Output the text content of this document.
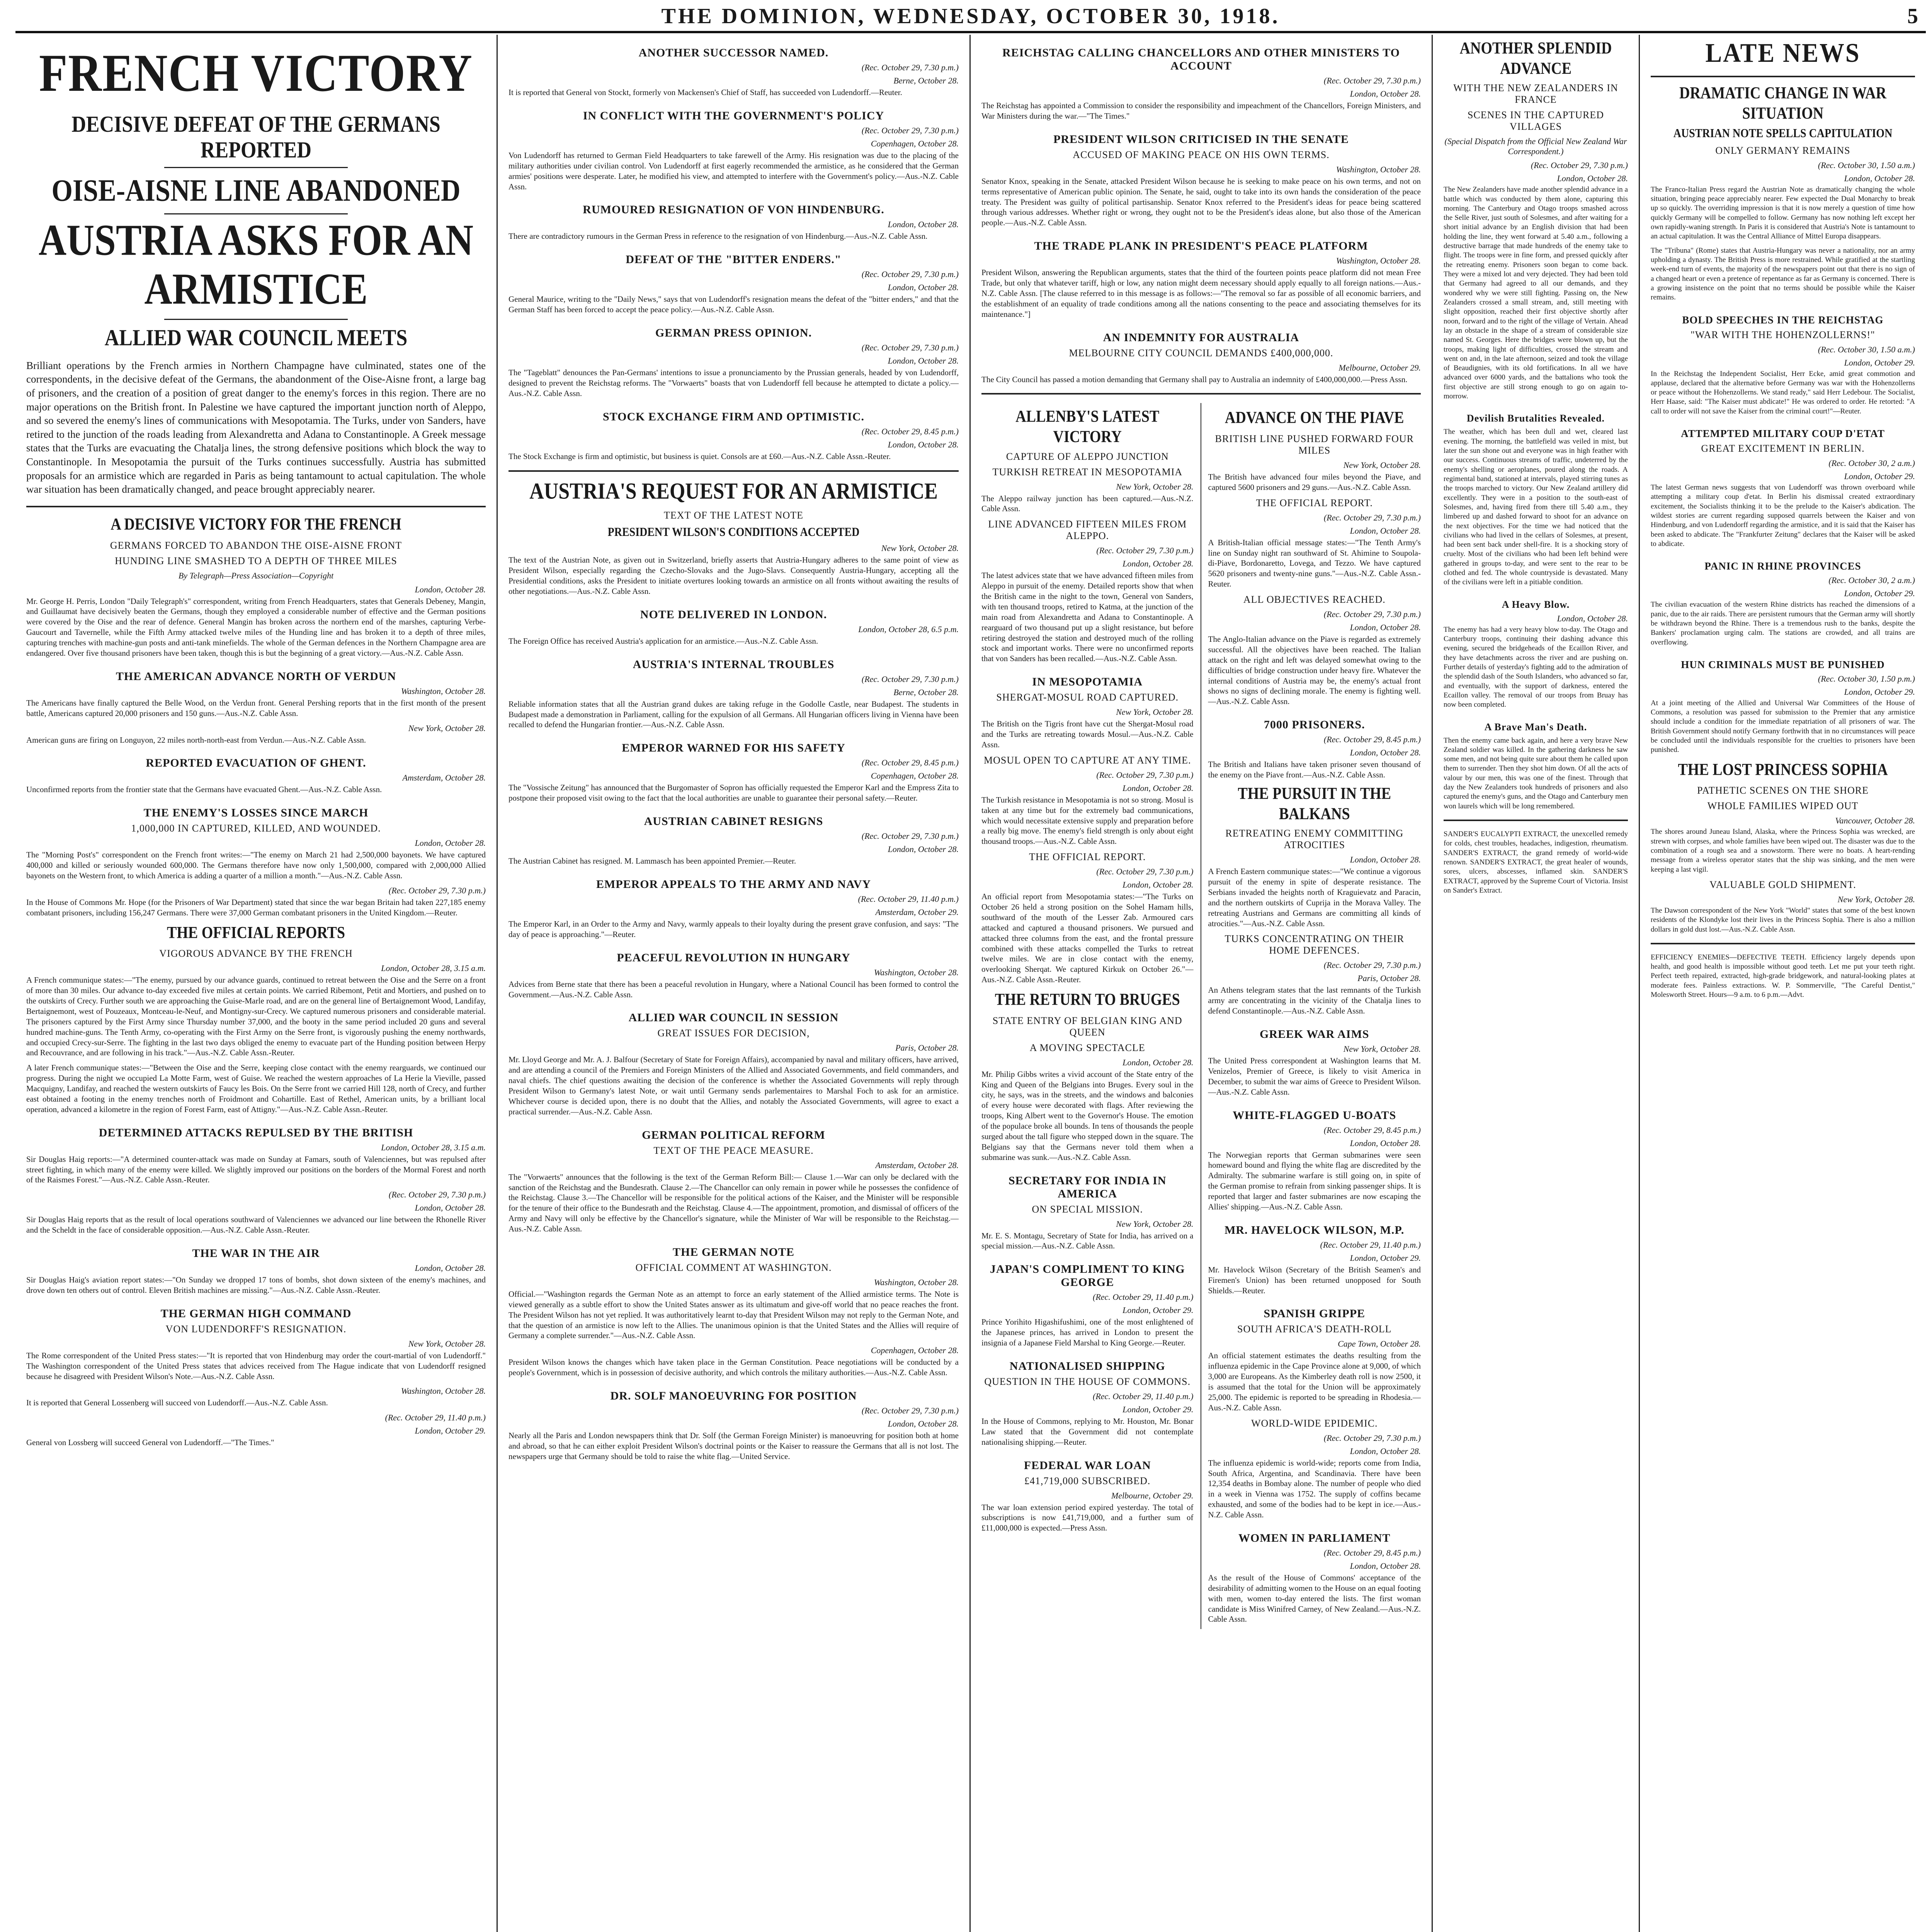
THE DOMINION, WEDNESDAY, OCTOBER 30, 1918.	5
FRENCH VICTORY
DECISIVE DEFEAT OF THE GERMANS REPORTED
OISE-AISNE LINE ABANDONED
AUSTRIA ASKS FOR AN ARMISTICE
ALLIED WAR COUNCIL MEETS
Brilliant operations by the French armies in Northern Champagne have culminated, states one of the correspondents, in the decisive defeat of the Germans, the abandonment of the Oise-Aisne front, a large bag of prisoners, and the creation of a position of great danger to the enemy's forces in this region. There are no major operations on the British front. In Palestine we have captured the important junction north of Aleppo, and so severed the enemy's lines of communications with Mesopotamia. The Turks, under von Sanders, have retired to the junction of the roads leading from Alexandretta and Adana to Constantinople. A Greek message states that the Turks are evacuating the Chatalja lines, the strong defensive positions which block the way to Constantinople. In Mesopotamia the pursuit of the Turks continues successfully. Austria has submitted proposals for an armistice which are regarded in Paris as being tantamount to actual capitulation. The whole war situation has been dramatically changed, and peace brought appreciably nearer.
A DECISIVE VICTORY FOR THE FRENCH
GERMANS FORCED TO ABANDON THE OISE-AISNE FRONT
HUNDING LINE SMASHED TO A DEPTH OF THREE MILES
By Telegraph—Press Association—Copyright
London, October 28.
Mr. George H. Perris, London "Daily Telegraph's" correspondent, writing from French Headquarters, states that Generals Debeney, Mangin, and Guillaumat have decisively beaten the Germans, though they employed a considerable number of effective and the German positions were covered by the Oise and the rear of defence. General Mangin has broken across the northern end of the marshes, capturing Verbe-Gaucourt and Tavernelle, while the Fifth Army attacked twelve miles of the Hunding line and has broken it to a depth of three miles, capturing trenches with machine-gun posts and anti-tank minefields. The whole of the German defences in the Northern Champagne area are endangered. Over five thousand prisoners have been taken, though this is but the beginning of a great victory.—Aus.-N.Z. Cable Assn.
THE AMERICAN ADVANCE NORTH OF VERDUN
Washington, October 28.
The Americans have finally captured the Belle Wood, on the Verdun front. General Pershing reports that in the first month of the present battle, Americans captured 20,000 prisoners and 150 guns.—Aus.-N.Z. Cable Assn.
New York, October 28.
American guns are firing on Longuyon, 22 miles north-north-east from Verdun.—Aus.-N.Z. Cable Assn.
REPORTED EVACUATION OF GHENT.
Amsterdam, October 28.
Unconfirmed reports from the frontier state that the Germans have evacuated Ghent.—Aus.-N.Z. Cable Assn.
THE ENEMY'S LOSSES SINCE MARCH
1,000,000 IN CAPTURED, KILLED, AND WOUNDED.
London, October 28.
The "Morning Post's" correspondent on the French front writes:—"The enemy on March 21 had 2,500,000 bayonets. We have captured 400,000 and killed or seriously wounded 600,000. The Germans therefore have now only 1,500,000, compared with 2,000,000 Allied bayonets on the Western front, to which America is adding a quarter of a million a month."—Aus.-N.Z. Cable Assn.
(Rec. October 29, 7.30 p.m.)
In the House of Commons Mr. Hope (for the Prisoners of War Department) stated that since the war began Britain had taken 227,185 enemy combatant prisoners, including 156,247 Germans. There were 37,000 German combatant prisoners in the United Kingdom.—Reuter.
THE OFFICIAL REPORTS
VIGOROUS ADVANCE BY THE FRENCH
London, October 28, 3.15 a.m.
A French communique states:—"The enemy, pursued by our advance guards, continued to retreat between the Oise and the Serre on a front of more than 30 miles. Our advance to-day exceeded five miles at certain points. We carried Ribemont, Petit and Mortiers, and pushed on to the outskirts of Crecy. Further south we are approaching the Guise-Marle road, and are on the general line of Bertaignemont Wood, Landifay, Bertaignemont, west of Pouzeaux, Montceau-le-Neuf, and Montigny-sur-Crecy. We captured numerous prisoners and considerable material. The prisoners captured by the First Army since Thursday number 37,000, and the booty in the same period included 20 guns and several hundred machine-guns. The Tenth Army, co-operating with the First Army on the Serre front, is vigorously pushing the enemy northwards, and occupied Crecy-sur-Serre. The fighting in the last two days obliged the enemy to evacuate part of the Hunding position between Herpy and Recouvrance, and are following in his track."—Aus.-N.Z. Cable Assn.-Reuter.
A later French communique states:—"Between the Oise and the Serre, keeping close contact with the enemy rearguards, we continued our progress. During the night we occupied La Motte Farm, west of Guise. We reached the western approaches of La Herie la Vieville, passed Macquigny, Landifay, and reached the western outskirts of Faucy les Bois. On the Serre front we carried Hill 128, north of Crecy, and further east obtained a footing in the enemy trenches north of Froidmont and Cohartille. East of Rethel, American units, by a brilliant local operation, advanced a kilometre in the region of Forest Farm, east of Attigny."—Aus.-N.Z. Cable Assn.-Reuter.
DETERMINED ATTACKS REPULSED BY THE BRITISH
London, October 28, 3.15 a.m.
Sir Douglas Haig reports:—"A determined counter-attack was made on Sunday at Famars, south of Valenciennes, but was repulsed after street fighting, in which many of the enemy were killed. We slightly improved our positions on the borders of the Mormal Forest and north of the Raismes Forest."—Aus.-N.Z. Cable Assn.-Reuter.
(Rec. October 29, 7.30 p.m.)
London, October 28.
Sir Douglas Haig reports that as the result of local operations southward of Valenciennes we advanced our line between the Rhonelle River and the Scheldt in the face of considerable opposition.—Aus.-N.Z. Cable Assn.-Reuter.
THE WAR IN THE AIR
London, October 28.
Sir Douglas Haig's aviation report states:—"On Sunday we dropped 17 tons of bombs, shot down sixteen of the enemy's machines, and drove down ten others out of control. Eleven British machines are missing."—Aus.-N.Z. Cable Assn.-Reuter.
THE GERMAN HIGH COMMAND
VON LUDENDORFF'S RESIGNATION.
New York, October 28.
The Rome correspondent of the United Press states:—"It is reported that von Hindenburg may order the court-martial of von Ludendorff." The Washington correspondent of the United Press states that advices received from The Hague indicate that von Ludendorff resigned because he disagreed with President Wilson's Note.—Aus.-N.Z. Cable Assn.
Washington, October 28.
It is reported that General Lossenberg will succeed von Ludendorff.—Aus.-N.Z. Cable Assn.
(Rec. October 29, 11.40 p.m.)
London, October 29.
General von Lossberg will succeed General von Ludendorff.—"The Times."
ANOTHER SUCCESSOR NAMED.
(Rec. October 29, 7.30 p.m.)
Berne, October 28.
It is reported that General von Stockt, formerly von Mackensen's Chief of Staff, has succeeded von Ludendorff.—Reuter.
IN CONFLICT WITH THE GOVERNMENT'S POLICY
(Rec. October 29, 7.30 p.m.)
Copenhagen, October 28.
Von Ludendorff has returned to German Field Headquarters to take farewell of the Army. His resignation was due to the placing of the military authorities under civilian control. Von Ludendorff at first eagerly recommended the armistice, as he considered that the German armies' positions were desperate. Later, he modified his view, and attempted to interfere with the Government's policy.—Aus.-N.Z. Cable Assn.
RUMOURED RESIGNATION OF VON HINDENBURG.
London, October 28.
There are contradictory rumours in the German Press in reference to the resignation of von Hindenburg.—Aus.-N.Z. Cable Assn.
DEFEAT OF THE "BITTER ENDERS."
(Rec. October 29, 7.30 p.m.)
London, October 28.
General Maurice, writing to the "Daily News," says that von Ludendorff's resignation means the defeat of the "bitter enders," and that the German Staff has been forced to accept the peace policy.—Aus.-N.Z. Cable Assn.
GERMAN PRESS OPINION.
(Rec. October 29, 7.30 p.m.)
London, October 28.
The "Tageblatt" denounces the Pan-Germans' intentions to issue a pronunciamento by the Prussian generals, headed by von Ludendorff, designed to prevent the Reichstag reforms. The "Vorwaerts" boasts that von Ludendorff fell because he attempted to dictate a policy.—Aus.-N.Z. Cable Assn.
STOCK EXCHANGE FIRM AND OPTIMISTIC.
(Rec. October 29, 8.45 p.m.)
London, October 28.
The Stock Exchange is firm and optimistic, but business is quiet. Consols are at £60.—Aus.-N.Z. Cable Assn.-Reuter.
AUSTRIA'S REQUEST FOR AN ARMISTICE
TEXT OF THE LATEST NOTE
PRESIDENT WILSON'S CONDITIONS ACCEPTED
New York, October 28.
The text of the Austrian Note, as given out in Switzerland, briefly asserts that Austria-Hungary adheres to the same point of view as President Wilson, especially regarding the Czecho-Slovaks and the Jugo-Slavs. Consequently Austria-Hungary, accepting all the Presidential conditions, asks the President to initiate overtures looking towards an armistice on all fronts without awaiting the results of other negotiations.—Aus.-N.Z. Cable Assn.
NOTE DELIVERED IN LONDON.
London, October 28, 6.5 p.m.
The Foreign Office has received Austria's application for an armistice.—Aus.-N.Z. Cable Assn.
AUSTRIA'S INTERNAL TROUBLES
(Rec. October 29, 7.30 p.m.)
Berne, October 28.
Reliable information states that all the Austrian grand dukes are taking refuge in the Godolle Castle, near Budapest. The students in Budapest made a demonstration in Parliament, calling for the expulsion of all Germans. All Hungarian officers living in Vienna have been recalled to defend the Hungarian frontier.—Aus.-N.Z. Cable Assn.
EMPEROR WARNED FOR HIS SAFETY
(Rec. October 29, 8.45 p.m.)
Copenhagen, October 28.
The "Vossische Zeitung" has announced that the Burgomaster of Sopron has officially requested the Emperor Karl and the Empress Zita to postpone their proposed visit owing to the fact that the local authorities are unable to guarantee their personal safety.—Reuter.
AUSTRIAN CABINET RESIGNS
(Rec. October 29, 7.30 p.m.)
London, October 28.
The Austrian Cabinet has resigned. M. Lammasch has been appointed Premier.—Reuter.
EMPEROR APPEALS TO THE ARMY AND NAVY
(Rec. October 29, 11.40 p.m.)
Amsterdam, October 29.
The Emperor Karl, in an Order to the Army and Navy, warmly appeals to their loyalty during the present grave confusion, and says: "The day of peace is approaching."—Reuter.
PEACEFUL REVOLUTION IN HUNGARY
Washington, October 28.
Advices from Berne state that there has been a peaceful revolution in Hungary, where a National Council has been formed to control the Government.—Aus.-N.Z. Cable Assn.
ALLIED WAR COUNCIL IN SESSION
GREAT ISSUES FOR DECISION,
Paris, October 28.
Mr. Lloyd George and Mr. A. J. Balfour (Secretary of State for Foreign Affairs), accompanied by naval and military officers, have arrived, and are attending a council of the Premiers and Foreign Ministers of the Allied and Associated Governments, and field commanders, and naval chiefs. The chief questions awaiting the decision of the conference is whether the Associated Governments will reply through President Wilson to Germany's latest Note, or wait until Germany sends parlementaires to Marshal Foch to ask for an armistice. Whichever course is decided upon, there is no doubt that the Allies, and notably the Associated Governments, will agree to exact a practical surrender.—Aus.-N.Z. Cable Assn.
GERMAN POLITICAL REFORM
TEXT OF THE PEACE MEASURE.
Amsterdam, October 28.
The "Vorwaerts" announces that the following is the text of the German Reform Bill:— Clause 1.—War can only be declared with the sanction of the Reichstag and the Bundesrath. Clause 2.—The Chancellor can only remain in power while he possesses the confidence of the Reichstag. Clause 3.—The Chancellor will be responsible for the political actions of the Kaiser, and the Minister will be responsible for the tenure of their office to the Bundesrath and the Reichstag. Clause 4.—The appointment, promotion, and dismissal of officers of the Army and Navy will only be effective by the Chancellor's signature, while the Minister of War will be responsible to the Reichstag.—Aus.-N.Z. Cable Assn.
THE GERMAN NOTE
OFFICIAL COMMENT AT WASHINGTON.
Washington, October 28.
Official.—"Washington regards the German Note as an attempt to force an early statement of the Allied armistice terms. The Note is viewed generally as a subtle effort to show the United States answer as its ultimatum and give-off world that no peace reaches the front. The President Wilson has not yet replied. It was authoritatively learnt to-day that President Wilson may not reply to the German Note, and that the question of an armistice is now left to the Allies. The unanimous opinion is that the United States and the Allies will require of Germany a complete surrender."—Aus.-N.Z. Cable Assn.
Copenhagen, October 28.
President Wilson knows the changes which have taken place in the German Constitution. Peace negotiations will be conducted by a people's Government, which is in possession of decisive authority, and which controls the military authorities.—Aus.-N.Z. Cable Assn.
DR. SOLF MANOEUVRING FOR POSITION
(Rec. October 29, 7.30 p.m.)
London, October 28.
Nearly all the Paris and London newspapers think that Dr. Solf (the German Foreign Minister) is manoeuvring for position both at home and abroad, so that he can either exploit President Wilson's doctrinal points or the Kaiser to reassure the Germans that all is not lost. The newspapers urge that Germany should be told to raise the white flag.—United Service.
REICHSTAG CALLING CHANCELLORS AND OTHER MINISTERS TO ACCOUNT
(Rec. October 29, 7.30 p.m.)
London, October 28.
The Reichstag has appointed a Commission to consider the responsibility and impeachment of the Chancellors, Foreign Ministers, and War Ministers during the war.—"The Times."
PRESIDENT WILSON CRITICISED IN THE SENATE
ACCUSED OF MAKING PEACE ON HIS OWN TERMS.
Washington, October 28.
Senator Knox, speaking in the Senate, attacked President Wilson because he is seeking to make peace on his own terms, and not on terms representative of American public opinion. The Senate, he said, ought to take into its own hands the consideration of the peace treaty. The President was guilty of political partisanship. Senator Knox referred to the President's ideas for peace being scattered through various addresses. Whether right or wrong, they ought not to be the President's ideas alone, but also those of the American people.—Aus.-N.Z. Cable Assn.
THE TRADE PLANK IN PRESIDENT'S PEACE PLATFORM
Washington, October 28.
President Wilson, answering the Republican arguments, states that the third of the fourteen points peace platform did not mean Free Trade, but only that whatever tariff, high or low, any nation might deem necessary should apply equally to all foreign nations.—Aus.-N.Z. Cable Assn. [The clause referred to in this message is as follows:—"The removal so far as possible of all economic barriers, and the establishment of an equality of trade conditions among all the nations consenting to the peace and associating themselves for its maintenance."]
AN INDEMNITY FOR AUSTRALIA
MELBOURNE CITY COUNCIL DEMANDS £400,000,000.
Melbourne, October 29.
The City Council has passed a motion demanding that Germany shall pay to Australia an indemnity of £400,000,000.—Press Assn.
ALLENBY'S LATEST VICTORY
CAPTURE OF ALEPPO JUNCTION
TURKISH RETREAT IN MESOPOTAMIA
New York, October 28.
The Aleppo railway junction has been captured.—Aus.-N.Z. Cable Assn.
LINE ADVANCED FIFTEEN MILES FROM ALEPPO.
(Rec. October 29, 7.30 p.m.)
London, October 28.
The latest advices state that we have advanced fifteen miles from Aleppo in pursuit of the enemy. Detailed reports show that when the British came in the night to the town, General von Sanders, with ten thousand troops, retired to Katma, at the junction of the main road from Alexandretta and Adana to Constantinople. A rearguard of two thousand put up a slight resistance, but before retiring destroyed the station and destroyed much of the rolling stock and important works. There were no unconfirmed reports that von Sanders has been recalled.—Aus.-N.Z. Cable Assn.
IN MESOPOTAMIA
SHERGAT-MOSUL ROAD CAPTURED.
New York, October 28.
The British on the Tigris front have cut the Shergat-Mosul road and the Turks are retreating towards Mosul.—Aus.-N.Z. Cable Assn.
MOSUL OPEN TO CAPTURE AT ANY TIME.
(Rec. October 29, 7.30 p.m.)
London, October 28.
The Turkish resistance in Mesopotamia is not so strong. Mosul is taken at any time but for the extremely bad communications, which would necessitate extensive supply and preparation before a really big move. The enemy's field strength is only about eight thousand troops.—Aus.-N.Z. Cable Assn.
THE OFFICIAL REPORT.
(Rec. October 29, 7.30 p.m.)
London, October 28.
An official report from Mesopotamia states:—"The Turks on October 26 held a strong position on the Sohel Hamam hills, southward of the mouth of the Lesser Zab. Armoured cars attacked and captured a thousand prisoners. We pursued and attacked three columns from the east, and the frontal pressure combined with these attacks compelled the Turks to retreat twelve miles. We are in close contact with the enemy, overlooking Sherqat. We captured Kirkuk on October 26."—Aus.-N.Z. Cable Assn.-Reuter.
THE RETURN TO BRUGES
STATE ENTRY OF BELGIAN KING AND QUEEN
A MOVING SPECTACLE
London, October 28.
Mr. Philip Gibbs writes a vivid account of the State entry of the King and Queen of the Belgians into Bruges. Every soul in the city, he says, was in the streets, and the windows and balconies of every house were decorated with flags. After reviewing the troops, King Albert went to the Governor's House. The emotion of the populace broke all bounds. In tens of thousands the people surged about the tall figure who stepped down in the square. The Belgians say that the Germans never told them when a submarine was sunk.—Aus.-N.Z. Cable Assn.
SECRETARY FOR INDIA IN AMERICA
ON SPECIAL MISSION.
New York, October 28.
Mr. E. S. Montagu, Secretary of State for India, has arrived on a special mission.—Aus.-N.Z. Cable Assn.
JAPAN'S COMPLIMENT TO KING GEORGE
(Rec. October 29, 11.40 p.m.)
London, October 29.
Prince Yorihito Higashifushimi, one of the most enlightened of the Japanese princes, has arrived in London to present the insignia of a Japanese Field Marshal to King George.—Reuter.
NATIONALISED SHIPPING
QUESTION IN THE HOUSE OF COMMONS.
(Rec. October 29, 11.40 p.m.)
London, October 29.
In the House of Commons, replying to Mr. Houston, Mr. Bonar Law stated that the Government did not contemplate nationalising shipping.—Reuter.
FEDERAL WAR LOAN
£41,719,000 SUBSCRIBED.
Melbourne, October 29.
The war loan extension period expired yesterday. The total of subscriptions is now £41,719,000, and a further sum of £11,000,000 is expected.—Press Assn.
ADVANCE ON THE PIAVE
BRITISH LINE PUSHED FORWARD FOUR MILES
New York, October 28.
The British have advanced four miles beyond the Piave, and captured 5600 prisoners and 29 guns.—Aus.-N.Z. Cable Assn.
THE OFFICIAL REPORT.
(Rec. October 29, 7.30 p.m.)
London, October 28.
A British-Italian official message states:—"The Tenth Army's line on Sunday night ran southward of St. Ahimine to Soupola-di-Piave, Bordonaretto, Lovega, and Tezzo. We have captured 5620 prisoners and twenty-nine guns."—Aus.-N.Z. Cable Assn.-Reuter.
ALL OBJECTIVES REACHED.
(Rec. October 29, 7.30 p.m.)
London, October 28.
The Anglo-Italian advance on the Piave is regarded as extremely successful. All the objectives have been reached. The Italian attack on the right and left was delayed somewhat owing to the difficulties of bridge construction under heavy fire. Whatever the internal conditions of Austria may be, the enemy's actual front shows no signs of declining morale. The enemy is fighting well.—Aus.-N.Z. Cable Assn.
7000 PRISONERS.
(Rec. October 29, 8.45 p.m.)
London, October 28.
The British and Italians have taken prisoner seven thousand of the enemy on the Piave front.—Aus.-N.Z. Cable Assn.
THE PURSUIT IN THE BALKANS
RETREATING ENEMY COMMITTING ATROCITIES
London, October 28.
A French Eastern communique states:—"We continue a vigorous pursuit of the enemy in spite of desperate resistance. The Serbians invaded the heights north of Kraguievatz and Paracin, and the northern outskirts of Cuprija in the Morava Valley. The retreating Austrians and Germans are committing all kinds of atrocities."—Aus.-N.Z. Cable Assn.
TURKS CONCENTRATING ON THEIR HOME DEFENCES.
(Rec. October 29, 7.30 p.m.)
Paris, October 28.
An Athens telegram states that the last remnants of the Turkish army are concentrating in the vicinity of the Chatalja lines to defend Constantinople.—Aus.-N.Z. Cable Assn.
GREEK WAR AIMS
New York, October 28.
The United Press correspondent at Washington learns that M. Venizelos, Premier of Greece, is likely to visit America in December, to submit the war aims of Greece to President Wilson.—Aus.-N.Z. Cable Assn.
WHITE-FLAGGED U-BOATS
(Rec. October 29, 8.45 p.m.)
London, October 28.
The Norwegian reports that German submarines were seen homeward bound and flying the white flag are discredited by the Admiralty. The submarine warfare is still going on, in spite of the German promise to refrain from sinking passenger ships. It is reported that larger and faster submarines are now escaping the Allies' shipping.—Aus.-N.Z. Cable Assn.
MR. HAVELOCK WILSON, M.P.
(Rec. October 29, 11.40 p.m.)
London, October 29.
Mr. Havelock Wilson (Secretary of the British Seamen's and Firemen's Union) has been returned unopposed for South Shields.—Reuter.
SPANISH GRIPPE
SOUTH AFRICA'S DEATH-ROLL
Cape Town, October 28.
An official statement estimates the deaths resulting from the influenza epidemic in the Cape Province alone at 9,000, of which 3,000 are Europeans. As the Kimberley death roll is now 2500, it is assumed that the total for the Union will be approximately 25,000. The epidemic is reported to be spreading in Rhodesia.—Aus.-N.Z. Cable Assn.
WORLD-WIDE EPIDEMIC.
(Rec. October 29, 7.30 p.m.)
London, October 28.
The influenza epidemic is world-wide; reports come from India, South Africa, Argentina, and Scandinavia. There have been 12,354 deaths in Bombay alone. The number of people who died in a week in Vienna was 1752. The supply of coffins became exhausted, and some of the bodies had to be kept in ice.—Aus.-N.Z. Cable Assn.
WOMEN IN PARLIAMENT
(Rec. October 29, 8.45 p.m.)
London, October 28.
As the result of the House of Commons' acceptance of the desirability of admitting women to the House on an equal footing with men, women to-day entered the lists. The first woman candidate is Miss Winifred Carney, of New Zealand.—Aus.-N.Z. Cable Assn.
ANOTHER SPLENDID ADVANCE
WITH THE NEW ZEALANDERS IN FRANCE
SCENES IN THE CAPTURED VILLAGES
(Special Dispatch from the Official New Zealand War Correspondent.)
(Rec. October 29, 7.30 p.m.)
London, October 28.
The New Zealanders have made another splendid advance in a battle which was conducted by them alone, capturing this morning. The Canterbury and Otago troops smashed across the Selle River, just south of Solesmes, and after waiting for a short initial advance by an English division that had been holding the line, they went forward at 5.40 a.m., following a destructive barrage that made hundreds of the enemy take to flight. The troops were in fine form, and pressed quickly after the retreating enemy. Prisoners soon began to come back. They were a mixed lot and very dejected. They had been told that Germany had agreed to all our demands, and they wondered why we were still fighting. Passing on, the New Zealanders crossed a small stream, and, still meeting with slight opposition, reached their first objective shortly after noon, forward and to the right of the village of Vertain. Ahead lay an obstacle in the shape of a stream of considerable size named St. Georges. Here the bridges were blown up, but the troops, making light of difficulties, crossed the stream and went on and, in the late afternoon, seized and took the village of Beaudignies, with its old fortifications. In all we have advanced over 6000 yards, and the battalions who took the first objective are still strong enough to go on again to-morrow.
Devilish Brutalities Revealed.
The weather, which has been dull and wet, cleared last evening. The morning, the battlefield was veiled in mist, but later the sun shone out and everyone was in high feather with our success. Continuous streams of traffic, undeterred by the enemy's shelling or aeroplanes, poured along the roads. A regimental band, stationed at intervals, played stirring tunes as the troops marched to victory. Our New Zealand artillery did excellently. They were in a position to the south-east of Solesmes, and, having fired from there till 5.40 a.m., they limbered up and dashed forward to shoot for an advance on the next objectives. For the time we had noticed that the civilians who had lived in the cellars of Solesmes, at present, had been sent back under shell-fire. It is a shocking story of cruelty. Most of the civilians who had been left behind were gathered in groups to-day, and were sent to the rear to be clothed and fed. The whole countryside is devastated. Many of the civilians were left in a pitiable condition.
A Heavy Blow.
London, October 28.
The enemy has had a very heavy blow to-day. The Otago and Canterbury troops, continuing their dashing advance this evening, secured the bridgeheads of the Ecaillon River, and they have detachments across the river and are pushing on. Further details of yesterday's fighting add to the admiration of the splendid dash of the South Islanders, who advanced so far, and eventually, with the support of darkness, entered the Ecaillon valley. The removal of our troops from Bruay has now been completed.
A Brave Man's Death.
Then the enemy came back again, and here a very brave New Zealand soldier was killed. In the gathering darkness he saw some men, and not being quite sure about them he called upon them to surrender. Then they shot him down. Of all the acts of valour by our men, this was one of the finest. Through that day the New Zealanders took hundreds of prisoners and also captured the enemy's guns, and the Otago and Canterbury men won laurels which will be long remembered.
SANDER'S EUCALYPTI EXTRACT, the unexcelled remedy for colds, chest troubles, headaches, indigestion, rheumatism. SANDER'S EXTRACT, the grand remedy of world-wide renown. SANDER'S EXTRACT, the great healer of wounds, sores, ulcers, abscesses, inflamed skin. SANDER'S EXTRACT, approved by the Supreme Court of Victoria. Insist on Sander's Extract.
LATE NEWS
DRAMATIC CHANGE IN WAR SITUATION
AUSTRIAN NOTE SPELLS CAPITULATION
ONLY GERMANY REMAINS
(Rec. October 30, 1.50 a.m.)
London, October 28.
The Franco-Italian Press regard the Austrian Note as dramatically changing the whole situation, bringing peace appreciably nearer. Few expected the Dual Monarchy to break up so quickly. The overriding impression is that it is now merely a question of time how quickly Germany will be compelled to follow. Germany has now nothing left except her own rapidly-waning strength. In Paris it is considered that Austria's Note is tantamount to an actual capitulation. It was the Central Alliance of Mittel Europa disappears.
The "Tribuna" (Rome) states that Austria-Hungary was never a nationality, nor an army upholding a dynasty. The British Press is more restrained. While gratified at the startling week-end turn of events, the majority of the newspapers point out that there is no sign of a changed heart or even a pretence of repentance as far as Germany is concerned. There is a growing insistence on the point that no terms should be possible while the Kaiser remains.
BOLD SPEECHES IN THE REICHSTAG
"WAR WITH THE HOHENZOLLERNS!"
(Rec. October 30, 1.50 a.m.)
London, October 29.
In the Reichstag the Independent Socialist, Herr Ecke, amid great commotion and applause, declared that the alternative before Germany was war with the Hohenzollerns or peace without the Hohenzollerns. We stand ready," said Herr Ledebour. The Socialist, Herr Haase, said: "The Kaiser must abdicate!" He was ordered to order. He retorted: "A call to order will not save the Kaiser from the criminal court!"—Reuter.
ATTEMPTED MILITARY COUP D'ETAT
GREAT EXCITEMENT IN BERLIN.
(Rec. October 30, 2 a.m.)
London, October 29.
The latest German news suggests that von Ludendorff was thrown overboard while attempting a military coup d'etat. In Berlin his dismissal created extraordinary excitement, the Socialists thinking it to be the prelude to the Kaiser's abdication. The wildest stories are current regarding supposed quarrels between the Kaiser and von Hindenburg, and von Ludendorff regarding the armistice, and it is said that the Kaiser has been asked to abdicate. The "Frankfurter Zeitung" declares that the Kaiser will be asked to abdicate.
PANIC IN RHINE PROVINCES
(Rec. October 30, 2 a.m.)
London, October 29.
The civilian evacuation of the western Rhine districts has reached the dimensions of a panic, due to the air raids. There are persistent rumours that the German army will shortly be withdrawn beyond the Rhine. There is a tremendous rush to the banks, despite the Bankers' proclamation urging calm. The stations are crowded, and all trains are overflowing.
HUN CRIMINALS MUST BE PUNISHED
(Rec. October 30, 1.50 p.m.)
London, October 29.
At a joint meeting of the Allied and Universal War Committees of the House of Commons, a resolution was passed for submission to the Premier that any armistice should include a condition for the immediate repatriation of all prisoners of war. The British Government should notify Germany forthwith that in no circumstances will peace be concluded until the individuals responsible for the cruelties to prisoners have been punished.
THE LOST PRINCESS SOPHIA
PATHETIC SCENES ON THE SHORE
WHOLE FAMILIES WIPED OUT
Vancouver, October 28.
The shores around Juneau Island, Alaska, where the Princess Sophia was wrecked, are strewn with corpses, and whole families have been wiped out. The disaster was due to the combination of a rough sea and a snowstorm. There were no boats. A heart-rending message from a wireless operator states that the ship was sinking, and the men were keeping a last vigil.
VALUABLE GOLD SHIPMENT.
New York, October 28.
The Dawson correspondent of the New York "World" states that some of the best known residents of the Klondyke lost their lives in the Princess Sophia. There is also a million dollars in gold dust lost.—Aus.-N.Z. Cable Assn.
EFFICIENCY ENEMIES—DEFECTIVE TEETH. Efficiency largely depends upon health, and good health is impossible without good teeth. Let me put your teeth right. Perfect teeth repaired, extracted, high-grade bridgework, and natural-looking plates at moderate fees. Painless extractions. W. P. Sommerville, "The Careful Dentist," Molesworth Street. Hours—9 a.m. to 6 p.m.—Advt.
